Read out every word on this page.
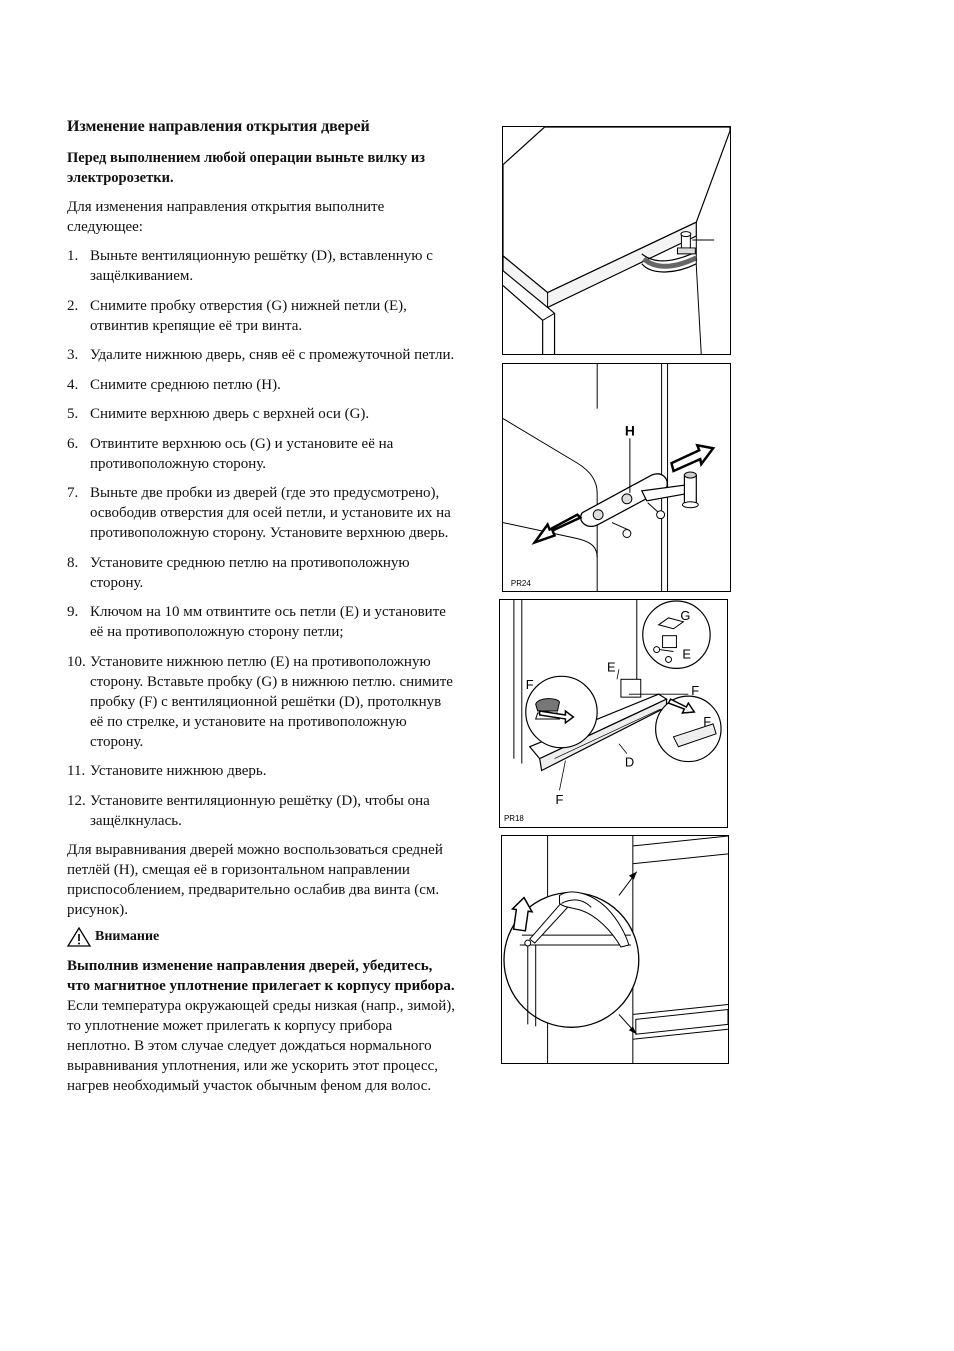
Изменение направления открытия дверей

Перед выполнением любой операции выньте вилку из электророзетки.

Для изменения направления открытия выполните следующее:

1. Выньте вентиляционную решётку (D), вставленную с защёлкиванием.
2. Снимите пробку отверстия (G) нижней петли (E), отвинтив крепящие её три винта.
3. Удалите нижнюю дверь, сняв её с промежуточной петли.
4. Снимите среднюю петлю (H).
5. Снимите верхнюю дверь с верхней оси (G).
6. Отвинтите верхнюю ось (G) и установите её на противоположную сторону.
7. Выньте две пробки из дверей (где это предусмотрено), освободив отверстия для осей петли, и установите их на противоположную сторону. Установите верхнюю дверь.
8. Установите среднюю петлю на противоположную сторону.
9. Ключом на 10 мм отвинтите ось петли (E) и установите её на противоположную сторону петли;
10. Установите нижнюю петлю (E) на противоположную сторону. Вставьте пробку (G) в нижнюю петлю. снимите пробку (F) с вентиляционной решётки (D), протолкнув её по стрелке, и установите на противоположную сторону.
11. Установите нижнюю дверь.
12. Установите вентиляционную решётку (D), чтобы она защёлкнулась.

Для выравнивания дверей можно воспользоваться средней петлёй (H), смещая её в горизонтальном направлении приспособлением, предварительно ослабив два винта (см. рисунок).

Внимание

Выполнив изменение направления дверей, убедитесь, что магнитное уплотнение прилегает к корпусу прибора. Если температура окружающей среды низкая (напр., зимой), то уплотнение может прилегать к корпусу прибора неплотно. В этом случае следует дождаться нормального выравнивания уплотнения, или же ускорить этот процесс, нагрев необходимый участок обычным феном для волос.

H
PR24
G
E
E
F	F
F
D
F
PR18
